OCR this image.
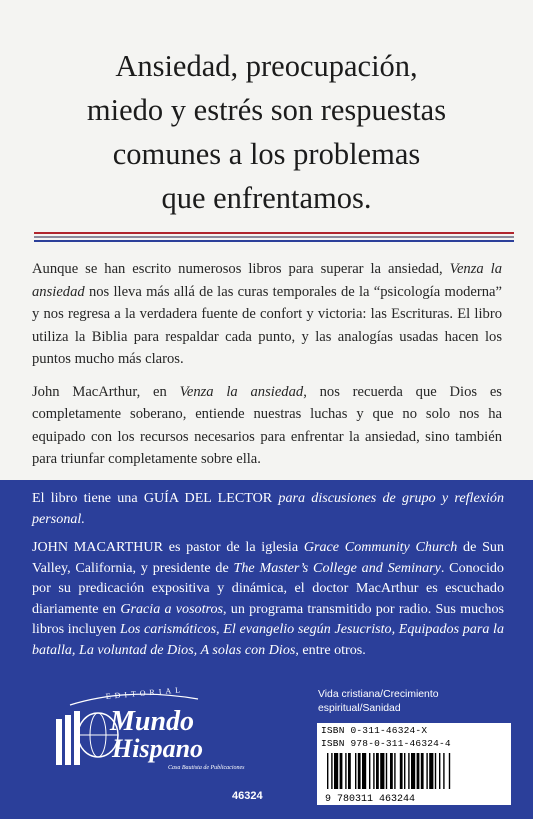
Ansiedad, preocupación,
miedo y estrés son respuestas
comunes a los problemas
que enfrentamos.

Aunque se han escrito numerosos libros para superar la ansiedad, Venza la ansiedad nos lleva más allá de las curas temporales de la “psicología moderna” y nos regresa a la verdadera fuente de confort y victoria: las Escrituras. El libro utiliza la Biblia para respaldar cada punto, y las analogías usadas hacen los puntos mucho más claros.

John MacArthur, en Venza la ansiedad, nos recuerda que Dios es completamente soberano, entiende nuestras luchas y que no solo nos ha equipado con los recursos necesarios para enfrentar la ansiedad, sino también para triunfar completamente sobre ella.

El libro tiene una GUÍA DEL LECTOR para discusiones de grupo y reflexión personal.

JOHN MACARTHUR es pastor de la iglesia Grace Community Church de Sun Valley, California, y presidente de The Master’s College and Seminary. Conocido por su predicación expositiva y dinámica, el doctor MacArthur es escuchado diariamente en Gracia a vosotros, un programa transmitido por radio. Sus muchos libros incluyen Los carismáticos, El evangelio según Jesucristo, Equipados para la batalla, La voluntad de Dios, A solas con Dios, entre otros.

Vida cristiana/Crecimiento
espiritual/Sanidad
ISBN 0-311-46324-X
ISBN 978-0-311-46324-4
9 780311 463244
EDITORIAL
Mundo
Hispano
Casa Bautista de Publicaciones
46324
